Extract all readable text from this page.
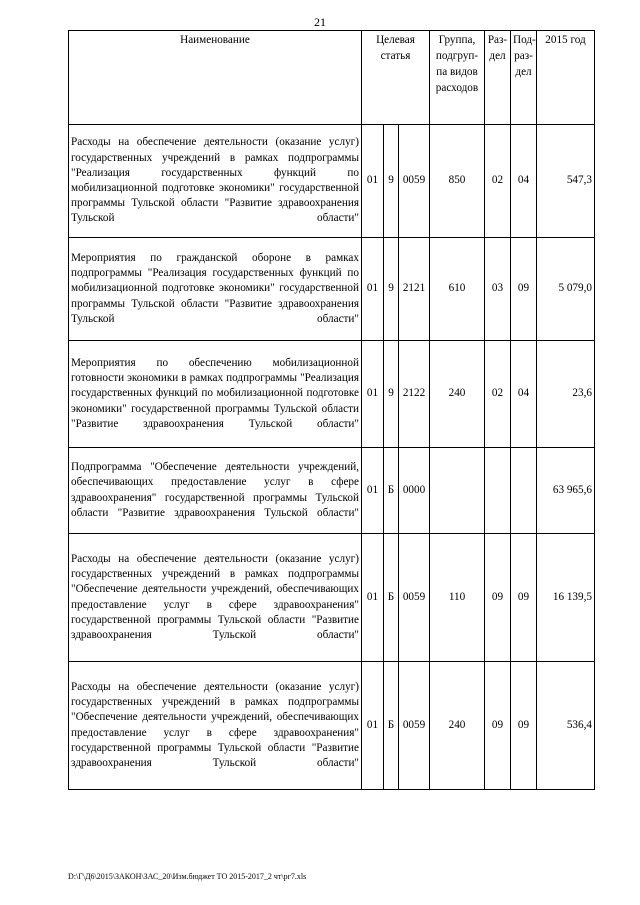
21
Наименование	Целевая статья			Группа, подгруп-па видов расходов	Раз-дел	Под-раз-дел	2015 год
Расходы на обеспечение деятельности (оказание услуг) государственных учреждений в рамках подпрограммы "Реализация государственных функций по мобилизационной подготовке экономики" государственной программы Тульской области "Развитие здравоохранения Тульской области"	01	9	0059	850	02	04	547,3
Мероприятия по гражданской обороне в рамках подпрограммы "Реализация государственных функций по мобилизационной подготовке экономики" государственной программы Тульской области "Развитие здравоохранения Тульской области"	01	9	2121	610	03	09	5 079,0
Мероприятия по обеспечению мобилизационной готовности экономики в рамках подпрограммы "Реализация государственных функций по мобилизационной подготовке экономики" государственной программы Тульской области "Развитие здравоохранения Тульской области"	01	9	2122	240	02	04	23,6
Подпрограмма "Обеспечение деятельности учреждений, обеспечивающих предоставление услуг в сфере здравоохранения" государственной программы Тульской области "Развитие здравоохранения Тульской области"	01	Б	0000				63 965,6
Расходы на обеспечение деятельности (оказание услуг) государственных учреждений в рамках подпрограммы "Обеспечение деятельности учреждений, обеспечивающих предоставление услуг в сфере здравоохранения" государственной программы Тульской области "Развитие здравоохранения Тульской области"	01	Б	0059	110	09	09	16 139,5
Расходы на обеспечение деятельности (оказание услуг) государственных учреждений в рамках подпрограммы "Обеспечение деятельности учреждений, обеспечивающих предоставление услуг в сфере здравоохранения" государственной программы Тульской области "Развитие здравоохранения Тульской области"	01	Б	0059	240	09	09	536,4
D:\Г\Д6\2015\ЗАКОН\ЗАС_20\Изм.бюджет ТО 2015-2017_2 чт\рг7.xls
